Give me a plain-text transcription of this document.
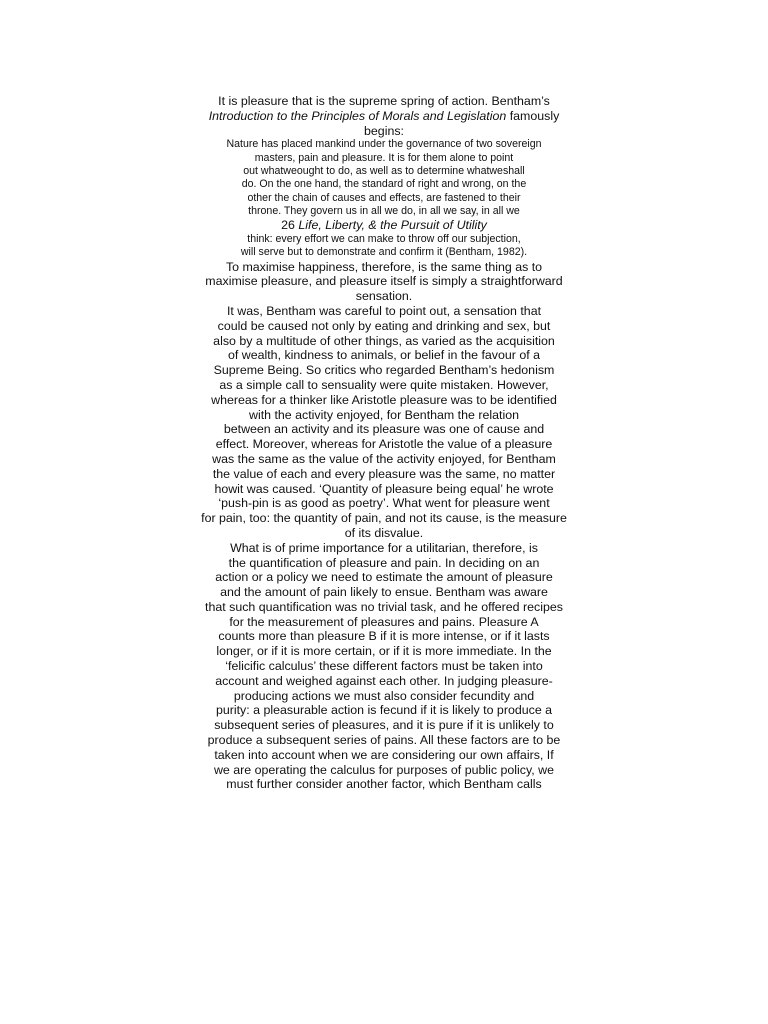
It is pleasure that is the supreme spring of action. Bentham’s
Introduction to the Principles of Morals and Legislation famously
begins:
Nature has placed mankind under the governance of two sovereign
masters, pain and pleasure. It is for them alone to point
out whatweought to do, as well as to determine whatweshall
do. On the one hand, the standard of right and wrong, on the
other the chain of causes and effects, are fastened to their
throne. They govern us in all we do, in all we say, in all we
26 Life, Liberty, & the Pursuit of Utility
think: every effort we can make to throw off our subjection,
will serve but to demonstrate and confirm it (Bentham, 1982).
To maximise happiness, therefore, is the same thing as to
maximise pleasure, and pleasure itself is simply a straightforward
sensation.
It was, Bentham was careful to point out, a sensation that
could be caused not only by eating and drinking and sex, but
also by a multitude of other things, as varied as the acquisition
of wealth, kindness to animals, or belief in the favour of a
Supreme Being. So critics who regarded Bentham’s hedonism
as a simple call to sensuality were quite mistaken. However,
whereas for a thinker like Aristotle pleasure was to be identified
with the activity enjoyed, for Bentham the relation
between an activity and its pleasure was one of cause and
effect. Moreover, whereas for Aristotle the value of a pleasure
was the same as the value of the activity enjoyed, for Bentham
the value of each and every pleasure was the same, no matter
howit was caused. ‘Quantity of pleasure being equal’ he wrote
‘push-pin is as good as poetry’. What went for pleasure went
for pain, too: the quantity of pain, and not its cause, is the measure
of its disvalue.
What is of prime importance for a utilitarian, therefore, is
the quantification of pleasure and pain. In deciding on an
action or a policy we need to estimate the amount of pleasure
and the amount of pain likely to ensue. Bentham was aware
that such quantification was no trivial task, and he offered recipes
for the measurement of pleasures and pains. Pleasure A
counts more than pleasure B if it is more intense, or if it lasts
longer, or if it is more certain, or if it is more immediate. In the
‘felicific calculus’ these different factors must be taken into
account and weighed against each other. In judging pleasure-
producing actions we must also consider fecundity and
purity: a pleasurable action is fecund if it is likely to produce a
subsequent series of pleasures, and it is pure if it is unlikely to
produce a subsequent series of pains. All these factors are to be
taken into account when we are considering our own affairs, If
we are operating the calculus for purposes of public policy, we
must further consider another factor, which Bentham calls
